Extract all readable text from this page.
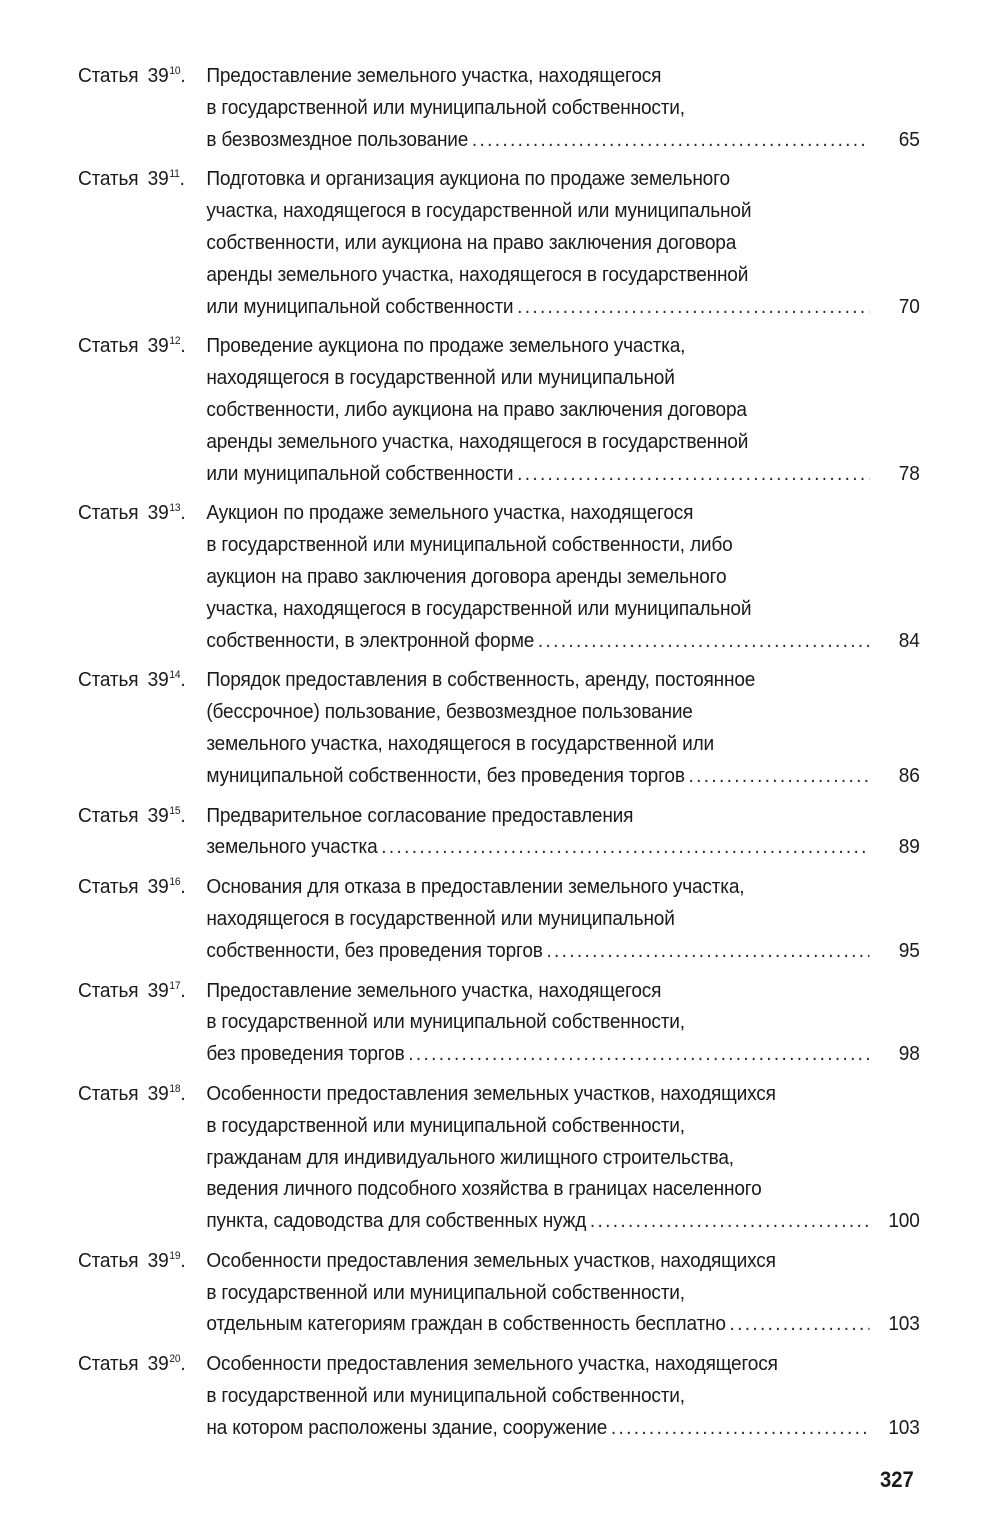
Статья $39^{10}$. Предоставление земельного участка, находящегося
в государственной или муниципальной собственности,
в безвозмездное пользование . . .	65
Статья $39^{11}$. Подготовка и организация аукциона по продаже земельного
участка, находящегося в государственной или муниципальной
собственности, или аукциона на право заключения договора
аренды земельного участка, находящегося в государственной
или муниципальной собственности . . .	70
Статья $39^{12}$. Проведение аукциона по продаже земельного участка,
находящегося в государственной или муниципальной
собственности, либо аукциона на право заключения договора
аренды земельного участка, находящегося в государственной
или муниципальной собственности . . .	78
Статья $39^{13}$. Аукцион по продаже земельного участка, находящегося
в государственной или муниципальной собственности, либо
аукцион на право заключения договора аренды земельного
участка, находящегося в государственной или муниципальной
собственности, в электронной форме . . .	84
Статья $39^{14}$. Порядок предоставления в собственность, аренду, постоянное
(бессрочное) пользование, безвозмездное пользование
земельного участка, находящегося в государственной или
муниципальной собственности, без проведения торгов . . .	86
Статья $39^{15}$. Предварительное согласование предоставления
земельного участка . . .	89
Статья $39^{16}$. Основания для отказа в предоставлении земельного участка,
находящегося в государственной или муниципальной
собственности, без проведения торгов . . .	95
Статья $39^{17}$. Предоставление земельного участка, находящегося
в государственной или муниципальной собственности,
без проведения торгов . . .	98
Статья $39^{18}$. Особенности предоставления земельных участков, находящихся
в государственной или муниципальной собственности,
гражданам для индивидуального жилищного строительства,
ведения личного подсобного хозяйства в границах населенного
пункта, садоводства для собственных нужд . . .	100
Статья $39^{19}$. Особенности предоставления земельных участков, находящихся
в государственной или муниципальной собственности,
отдельным категориям граждан в собственность бесплатно . . .	103
Статья $39^{20}$. Особенности предоставления земельного участка, находящегося
в государственной или муниципальной собственности,
на котором расположены здание, сооружение . . .	103
327
